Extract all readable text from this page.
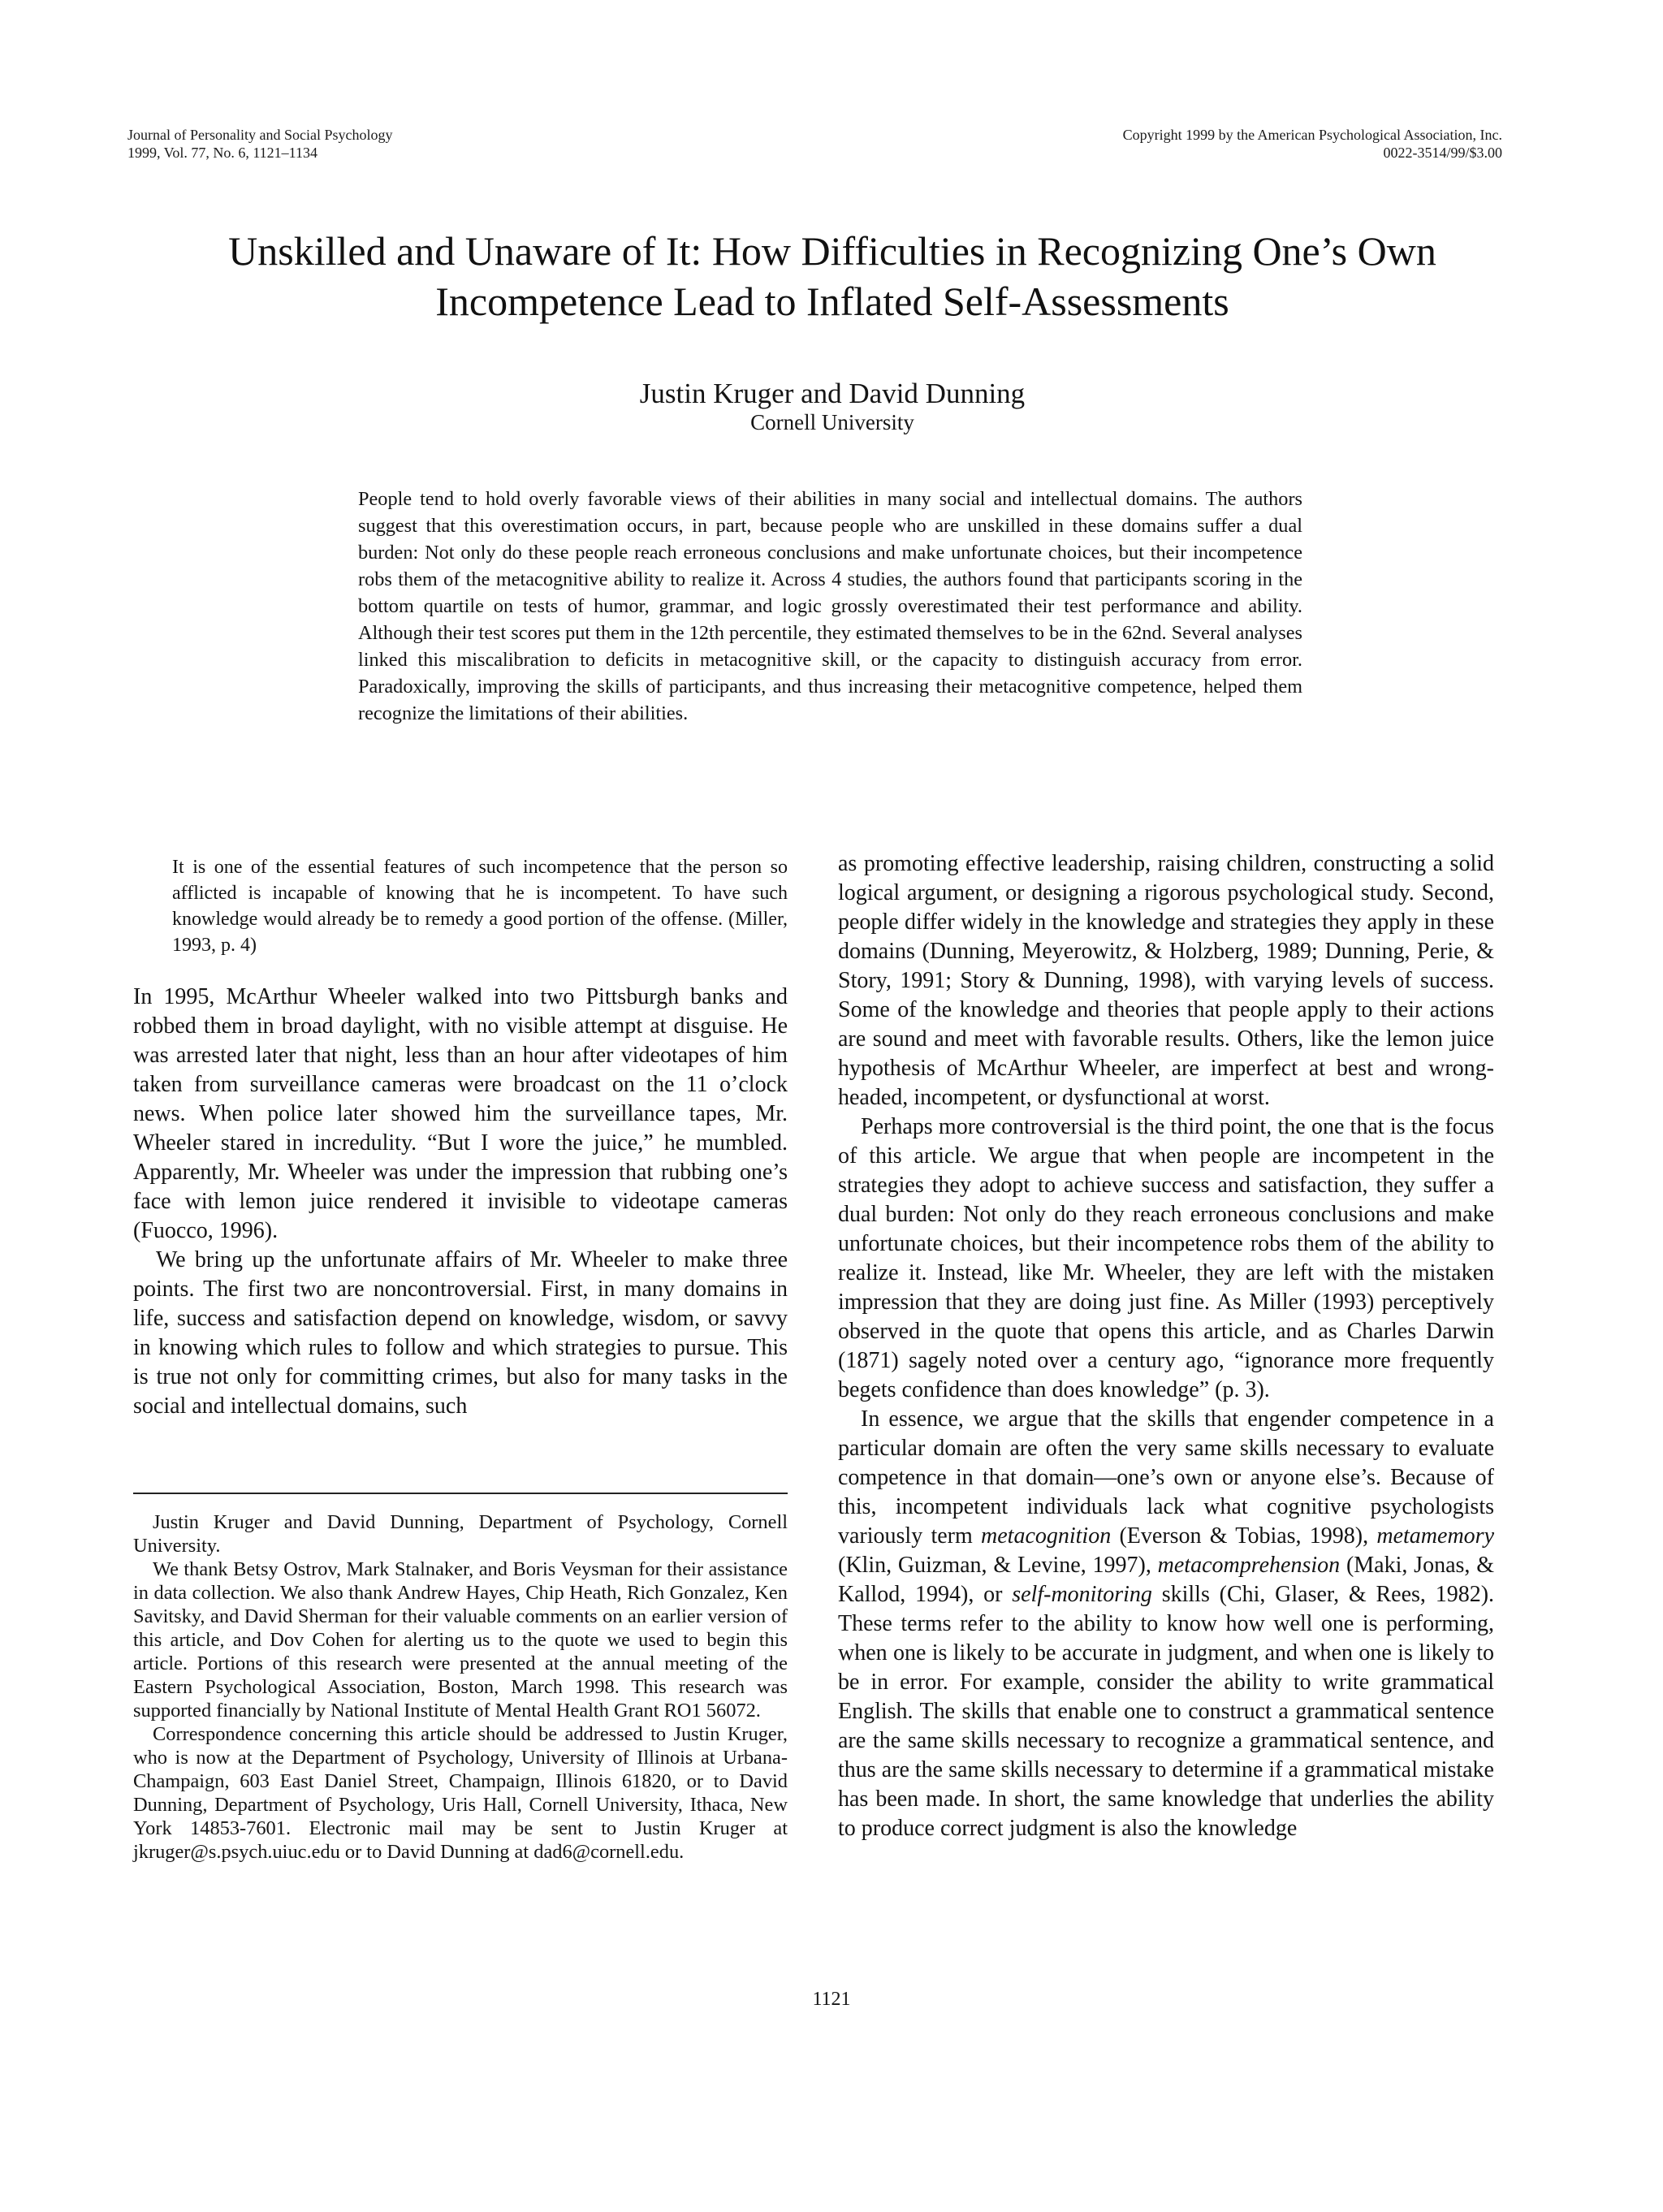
Journal of Personality and Social Psychology
1999, Vol. 77, No. 6, 1121–1134
Copyright 1999 by the American Psychological Association, Inc.
0022-3514/99/$3.00
Unskilled and Unaware of It: How Difficulties in Recognizing One’s Own
Incompetence Lead to Inflated Self-Assessments
Justin Kruger and David Dunning
Cornell University
People tend to hold overly favorable views of their abilities in many social and intellectual domains. The authors suggest that this overestimation occurs, in part, because people who are unskilled in these domains suffer a dual burden: Not only do these people reach erroneous conclusions and make unfortunate choices, but their incompetence robs them of the metacognitive ability to realize it. Across 4 studies, the authors found that participants scoring in the bottom quartile on tests of humor, grammar, and logic grossly overestimated their test performance and ability. Although their test scores put them in the 12th percentile, they estimated themselves to be in the 62nd. Several analyses linked this miscalibration to deficits in metacognitive skill, or the capacity to distinguish accuracy from error. Paradoxically, improving the skills of participants, and thus increasing their metacognitive competence, helped them recognize the limitations of their abilities.

It is one of the essential features of such incompetence that the person so afflicted is incapable of knowing that he is incompetent. To have such knowledge would already be to remedy a good portion of the offense. (Miller, 1993, p. 4)

In 1995, McArthur Wheeler walked into two Pittsburgh banks and robbed them in broad daylight, with no visible attempt at disguise. He was arrested later that night, less than an hour after videotapes of him taken from surveillance cameras were broadcast on the 11 o’clock news. When police later showed him the surveillance tapes, Mr. Wheeler stared in incredulity. “But I wore the juice,” he mumbled. Apparently, Mr. Wheeler was under the impression that rubbing one’s face with lemon juice rendered it invisible to videotape cameras (Fuocco, 1996).

We bring up the unfortunate affairs of Mr. Wheeler to make three points. The first two are noncontroversial. First, in many domains in life, success and satisfaction depend on knowledge, wisdom, or savvy in knowing which rules to follow and which strategies to pursue. This is true not only for committing crimes, but also for many tasks in the social and intellectual domains, such

Justin Kruger and David Dunning, Department of Psychology, Cornell University.

We thank Betsy Ostrov, Mark Stalnaker, and Boris Veysman for their assistance in data collection. We also thank Andrew Hayes, Chip Heath, Rich Gonzalez, Ken Savitsky, and David Sherman for their valuable comments on an earlier version of this article, and Dov Cohen for alerting us to the quote we used to begin this article. Portions of this research were presented at the annual meeting of the Eastern Psychological Association, Boston, March 1998. This research was supported financially by National Institute of Mental Health Grant RO1 56072.

Correspondence concerning this article should be addressed to Justin Kruger, who is now at the Department of Psychology, University of Illinois at Urbana-Champaign, 603 East Daniel Street, Champaign, Illinois 61820, or to David Dunning, Department of Psychology, Uris Hall, Cornell University, Ithaca, New York 14853-7601. Electronic mail may be sent to Justin Kruger at jkruger@s.psych.uiuc.edu or to David Dunning at dad6@cornell.edu.

as promoting effective leadership, raising children, constructing a solid logical argument, or designing a rigorous psychological study. Second, people differ widely in the knowledge and strategies they apply in these domains (Dunning, Meyerowitz, & Holzberg, 1989; Dunning, Perie, & Story, 1991; Story & Dunning, 1998), with varying levels of success. Some of the knowledge and theories that people apply to their actions are sound and meet with favorable results. Others, like the lemon juice hypothesis of McArthur Wheeler, are imperfect at best and wrong-headed, incompetent, or dysfunctional at worst.

Perhaps more controversial is the third point, the one that is the focus of this article. We argue that when people are incompetent in the strategies they adopt to achieve success and satisfaction, they suffer a dual burden: Not only do they reach erroneous conclusions and make unfortunate choices, but their incompetence robs them of the ability to realize it. Instead, like Mr. Wheeler, they are left with the mistaken impression that they are doing just fine. As Miller (1993) perceptively observed in the quote that opens this article, and as Charles Darwin (1871) sagely noted over a century ago, “ignorance more frequently begets confidence than does knowledge” (p. 3).

In essence, we argue that the skills that engender competence in a particular domain are often the very same skills necessary to evaluate competence in that domain—one’s own or anyone else’s. Because of this, incompetent individuals lack what cognitive psychologists variously term metacognition (Everson & Tobias, 1998), metamemory (Klin, Guizman, & Levine, 1997), metacomprehension (Maki, Jonas, & Kallod, 1994), or self-monitoring skills (Chi, Glaser, & Rees, 1982). These terms refer to the ability to know how well one is performing, when one is likely to be accurate in judgment, and when one is likely to be in error. For example, consider the ability to write grammatical English. The skills that enable one to construct a grammatical sentence are the same skills necessary to recognize a grammatical sentence, and thus are the same skills necessary to determine if a grammatical mistake has been made. In short, the same knowledge that underlies the ability to produce correct judgment is also the knowledge

1121
